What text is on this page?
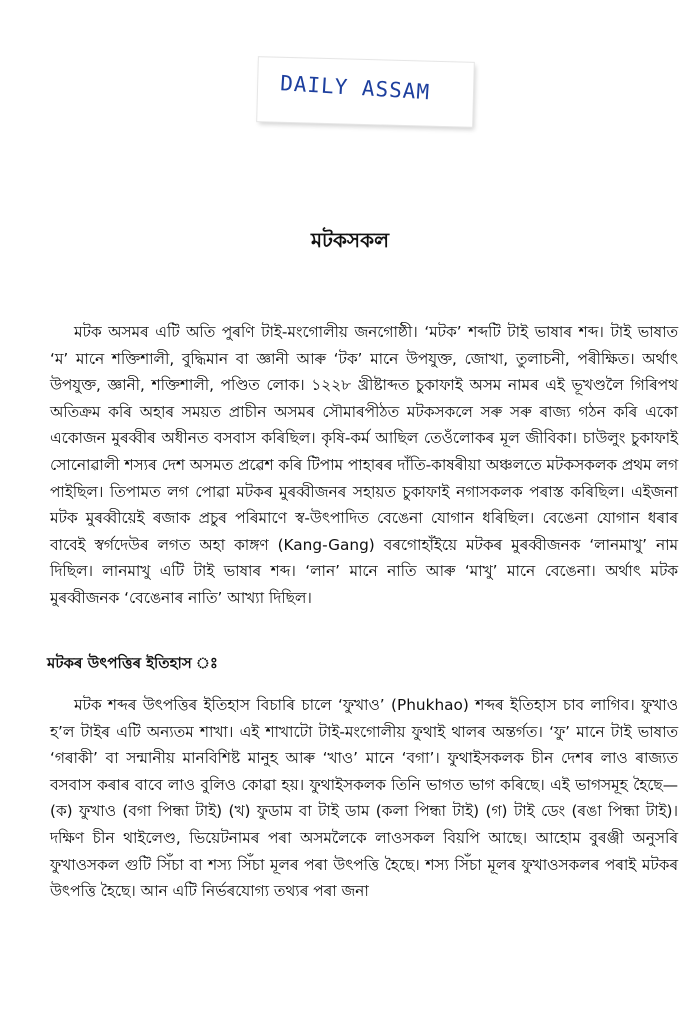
DAILY ASSAM
মটকসকল
মটক অসমৰ এটি অতি পুৰণি টাই-মংগোলীয় জনগোষ্ঠী। ‘মটক’ শব্দটি টাই ভাষাৰ শব্দ। টাই ভাষাত ‘ম’ মানে শক্তিশালী, বুদ্ধিমান বা জ্ঞানী আৰু ‘টক’ মানে উপযুক্ত, জোখা, তুলাচনী, পৰীক্ষিত। অৰ্থাৎ উপযুক্ত, জ্ঞানী, শক্তিশালী, পণ্ডিত লোক। ১২২৮ খ্ৰীষ্টাব্দত চুকাফাই অসম নামৰ এই ভূখণ্ডলৈ গিৰিপথ অতিক্ৰম কৰি অহাৰ সময়ত প্ৰাচীন অসমৰ সৌমাৰপীঠত মটকসকলে সৰু সৰু ৰাজ্য গঠন কৰি একো একোজন মুৰব্বীৰ অধীনত বসবাস কৰিছিল। কৃষি-কৰ্ম আছিল তেওঁলোকৰ মূল জীবিকা। চাউলুং চুকাফাই সোনোৱালী শস্যৰ দেশ অসমত প্ৰৱেশ কৰি টিপাম পাহাৰৰ দাঁতি-কাষৰীয়া অঞ্চলতে মটকসকলক প্ৰথম লগ পাইছিল। তিপামত লগ পোৱা মটকৰ মুৰব্বীজনৰ সহায়ত চুকাফাই নগাসকলক পৰাস্ত কৰিছিল। এইজনা মটক মুৰব্বীয়েই ৰজাক প্ৰচুৰ পৰিমাণে স্ব-উৎপাদিত বেঙেনা যোগান ধৰিছিল। বেঙেনা যোগান ধৰাৰ বাবেই স্বৰ্গদেউৰ লগত অহা কাঙ্গণ (Kang-Gang) বৰগোহাঁইয়ে মটকৰ মুৰব্বীজনক ‘লানমাখু’ নাম দিছিল। লানমাখু এটি টাই ভাষাৰ শব্দ। ‘লান’ মানে নাতি আৰু ‘মাখু’ মানে বেঙেনা। অৰ্থাৎ মটক মুৰব্বীজনক ‘বেঙেনাৰ নাতি’ আখ্যা দিছিল।
মটকৰ উৎপত্তিৰ ইতিহাস ঃ
মটক শব্দৰ উৎপত্তিৰ ইতিহাস বিচাৰি চালে ‘ফুখাও’ (Phukhao) শব্দৰ ইতিহাস চাব লাগিব। ফুখাও হ’ল টাইৰ এটি অন্যতম শাখা। এই শাখাটো টাই-মংগোলীয় ফুথাই থালৰ অন্তৰ্গত। ‘ফু’ মানে টাই ভাষাত ‘গৰাকী’ বা সন্মানীয় মানবিশিষ্ট মানুহ আৰু ‘খাও’ মানে ‘বগা’। ফুথাইসকলক চীন দেশৰ লাও ৰাজ্যত বসবাস কৰাৰ বাবে লাও বুলিও কোৱা হয়। ফুথাইসকলক তিনি ভাগত ভাগ কৰিছে। এই ভাগসমূহ হৈছে—(ক) ফুখাও (বগা পিন্ধা টাই) (খ) ফুডাম বা টাই ডাম (কলা পিন্ধা টাই) (গ) টাই ডেং (ৰঙা পিন্ধা টাই)। দক্ষিণ চীন থাইলেণ্ড, ভিয়েটনামৰ পৰা অসমলৈকে লাওসকল বিয়পি আছে। আহোম বুৰঞ্জী অনুসৰি ফুখাওসকল গুটি সিঁচা বা শস্য সিঁচা মূলৰ পৰা উৎপত্তি হৈছে। শস্য সিঁচা মূলৰ ফুখাওসকলৰ পৰাই মটকৰ উৎপত্তি হৈছে। আন এটি নিৰ্ভৰযোগ্য তথ্যৰ পৰা জনা
